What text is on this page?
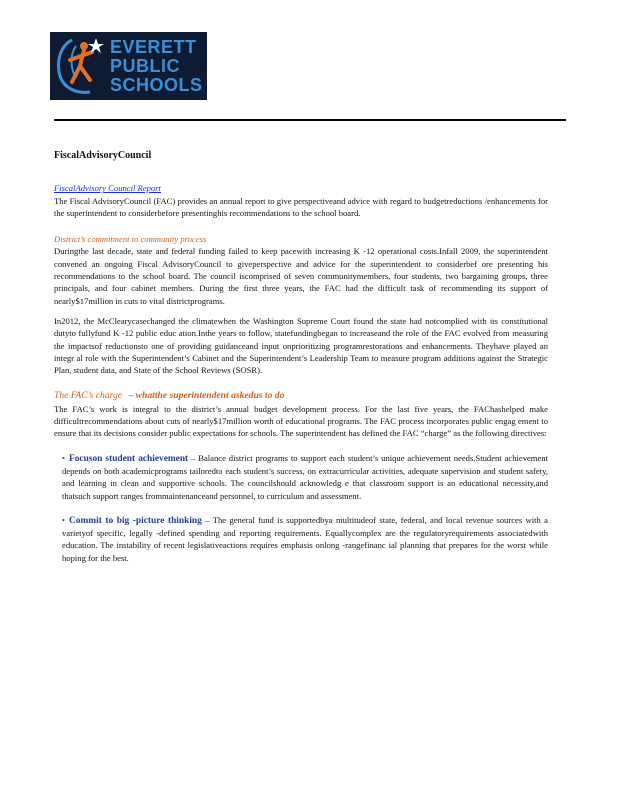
EVERETT
PUBLIC
SCHOOLS
FiscalAdvisoryCouncil

FiscalAdvisory Council Report

The Fiscal AdvisoryCouncil (FAC) provides an annual report to give perspectiveand advice with regard to budgetreductions /enhancements for the superintendent to considerbefore presentinghis recommendations to the school board.

District’s commitment to community process

Duringthe last decade, state and federal funding failed to keep pacewith increasing K -12 operational costs.Infall 2009, the superintendent convened an ongoing Fiscal AdvisoryCouncil to giveperspective and advice for the superintendent to considerbef ore presenting his recommendations to the school board. The council iscomprised of seven communitymembers, four students, two bargaining groups, three principals, and four cabinet members. During the first three years, the FAC had the difficult task of recommending its support of nearly$17million in cuts to vital districtprograms.

In2012, the McClearycasechanged the climatewhen the Washington Supreme Court found the state had notcomplied with its constitutional dutyto fullyfund K -12 public educ ation.Inthe years to follow, statefundingbegan to increaseand the role of the FAC evolved from measuring the impactsof reductionsto one of providing guidanceand input onprioritizing programrestorations and enhancements. Theyhave played an integr al role with the Superintendent’s Cabinet and the Superintendent’s Leadership Team to measure program additions against the Strategic Plan, student data, and State of the School Reviews (SOSR).

The FAC’s charge – whatthe superintendent askedus to do

The FAC’s work is integral to the district’s annual budget development process. For the last five years, the FAChashelped make difficultrecommendations about cuts of nearly$17million worth of educational programs. The FAC process incorporates public engag ement to ensure that its decisions consider public expectations for schools. The superintendent has defined the FAC “charge” as the following directives:

• Focuson student achievement – Balance district programs to support each student’s unique achievement needs.Student achievement depends on both academicprograms tailoredto each student’s success, on extracurricular activities, adequate supervision and student safety, and learning in clean and supportive schools. The councilshould acknowledg e that classroom support is an educational necessity,and thatsuch support ranges frommaintenanceand personnel, to curriculum and assessment.
• Commit to big -picture thinking – The general fund is supportedbya multitudeof state, federal, and local revenue sources with a varietyof specific, legally -defined spending and reporting requirements. Equallycomplex are the regulatoryrequirements associatedwith education. The instability of recent legislativeactions requires emphasis onlong -rangefinanc ial planning that prepares for the worst while hoping for the best.
